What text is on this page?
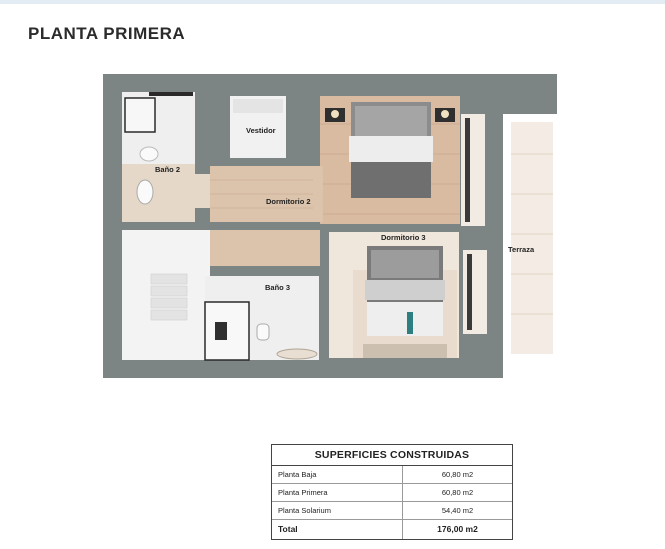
PLANTA PRIMERA
Vestidor
Baño 2
Dormitorio 2
Dormitorio 3
Baño 3
Terraza
SUPERFICIES CONSTRUIDAS
Planta Baja	60,80 m2
Planta Primera	60,80 m2
Planta Solarium	54,40 m2
Total	176,00 m2
